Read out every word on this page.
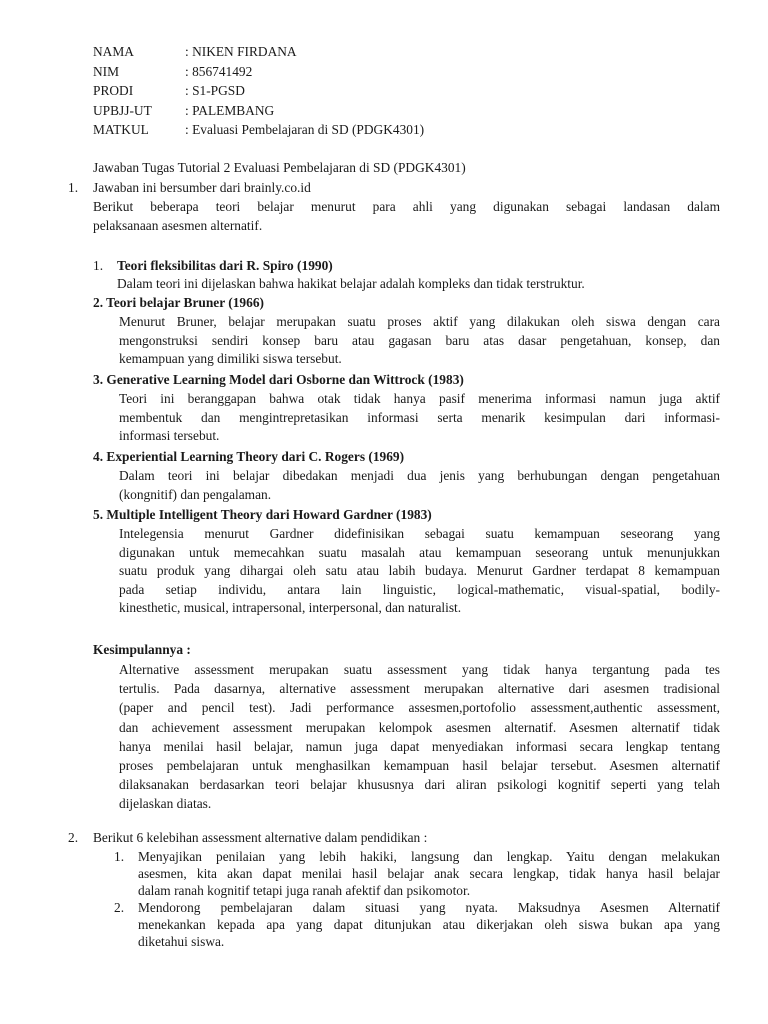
NAMA	: NIKEN FIRDANA
NIM	: 856741492
PRODI	: S1-PGSD
UPBJJ-UT : PALEMBANG
MATKUL	: Evaluasi Pembelajaran di SD (PDGK4301)
Jawaban Tugas Tutorial 2 Evaluasi Pembelajaran di SD (PDGK4301)
1. Jawaban ini bersumber dari brainly.co.id
Berikut beberapa teori belajar menurut para ahli yang digunakan sebagai landasan dalam
pelaksanaan asesmen alternatif.
1. Teori fleksibilitas dari R. Spiro (1990)
Dalam teori ini dijelaskan bahwa hakikat belajar adalah kompleks dan tidak terstruktur.
2. Teori belajar Bruner (1966)
Menurut Bruner, belajar merupakan suatu proses aktif yang dilakukan oleh siswa dengan cara
mengonstruksi sendiri konsep baru atau gagasan baru atas dasar pengetahuan, konsep, dan
kemampuan yang dimiliki siswa tersebut.
3. Generative Learning Model dari Osborne dan Wittrock (1983)
Teori ini beranggapan bahwa otak tidak hanya pasif menerima informasi namun juga aktif
membentuk dan mengintrepretasikan informasi serta menarik kesimpulan dari informasi-
informasi tersebut.
4. Experiential Learning Theory dari C. Rogers (1969)
Dalam teori ini belajar dibedakan menjadi dua jenis yang berhubungan dengan pengetahuan
(kongnitif) dan pengalaman.
5. Multiple Intelligent Theory dari Howard Gardner (1983)
Intelegensia menurut Gardner didefinisikan sebagai suatu kemampuan seseorang yang
digunakan untuk memecahkan suatu masalah atau kemampuan seseorang untuk menunjukkan
suatu produk yang dihargai oleh satu atau labih budaya. Menurut Gardner terdapat 8 kemampuan
pada setiap individu, antara lain linguistic, logical-mathematic, visual-spatial, bodily-
kinesthetic, musical, intrapersonal, interpersonal, dan naturalist.
Kesimpulannya :
Alternative assessment merupakan suatu assessment yang tidak hanya tergantung pada tes
tertulis. Pada dasarnya, alternative assessment merupakan alternative dari asesmen tradisional
(paper and pencil test). Jadi performance assesmen,portofolio assessment,authentic assessment,
dan achievement assessment merupakan kelompok asesmen alternatif. Asesmen alternatif tidak
hanya menilai hasil belajar, namun juga dapat menyediakan informasi secara lengkap tentang
proses pembelajaran untuk menghasilkan kemampuan hasil belajar tersebut. Asesmen alternatif
dilaksanakan berdasarkan teori belajar khususnya dari aliran psikologi kognitif seperti yang telah
dijelaskan diatas.
2. Berikut 6 kelebihan assessment alternative dalam pendidikan :
1. Menyajikan penilaian yang lebih hakiki, langsung dan lengkap. Yaitu dengan melakukan
asesmen, kita akan dapat menilai hasil belajar anak secara lengkap, tidak hanya hasil belajar
dalam ranah kognitif tetapi juga ranah afektif dan psikomotor.
2. Mendorong pembelajaran dalam situasi yang nyata. Maksudnya Asesmen Alternatif
menekankan kepada apa yang dapat ditunjukan atau dikerjakan oleh siswa bukan apa yang
diketahui siswa.
